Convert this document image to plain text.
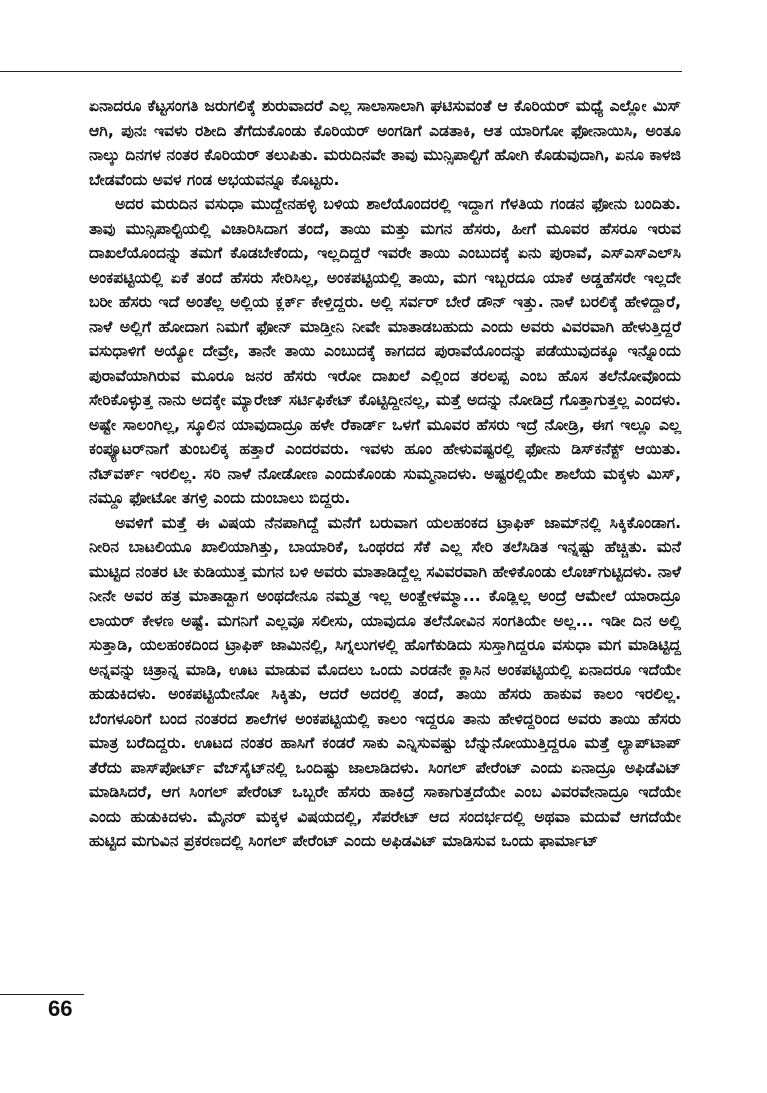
ಏನಾದರೂ ಕೆಟ್ಟಸಂಗತಿ ಜರುಗಲಿಕ್ಕೆ ಶುರುವಾದರೆ ಎಲ್ಲ ಸಾಲಾಸಾಲಾಗಿ ಘಟಿಸುವಂತೆ ಆ ಕೊರಿಯರ್ ಮಧ್ಯೆ ಎಲ್ಲೋ ಮಿಸ್ ಆಗಿ, ಪುನಃ ಇವಳು ರಶೀದಿ ತೆಗೆದುಕೊಂಡು ಕೊರಿಯರ್ ಅಂಗಡಿಗೆ ಎಡತಾಕಿ, ಆತ ಯಾರಿಗೋ ಫೋನಾಯಿಸಿ, ಅಂತೂ ನಾಲ್ಕು ದಿನಗಳ ನಂತರ ಕೊರಿಯರ್ ತಲುಪಿತು. ಮರುದಿನವೇ ತಾವು ಮುನ್ಸಿಪಾಲ್ಟಿಗೆ ಹೋಗಿ ಕೊಡುವುದಾಗಿ, ಏನೂ ಕಾಳಜಿ ಬೇಡವೆಂದು ಅವಳ ಗಂಡ ಅಭಯವನ್ನೂ ಕೊಟ್ಟರು.

ಅದರ ಮರುದಿನ ವಸುಧಾ ಮುದ್ದೇನಹಳ್ಳಿ ಬಳಿಯ ಶಾಲೆಯೊಂದರಲ್ಲಿ ಇದ್ದಾಗ ಗೆಳತಿಯ ಗಂಡನ ಫೋನು ಬಂದಿತು. ತಾವು ಮುನ್ಸಿಪಾಲ್ಟಿಯಲ್ಲಿ ವಿಚಾರಿಸಿದಾಗ ತಂದೆ, ತಾಯಿ ಮತ್ತು ಮಗನ ಹೆಸರು, ಹೀಗೆ ಮೂವರ ಹೆಸರೂ ಇರುವ ದಾಖಲೆಯೊಂದನ್ನು ತಮಗೆ ಕೊಡಬೇಕೆಂದು, ಇಲ್ಲದಿದ್ದರೆ ಇವರೇ ತಾಯಿ ಎಂಬುದಕ್ಕೆ ಏನು ಪುರಾವೆ, ಎಸ್‌ಎಸ್‌ಎಲ್‌ಸಿ ಅಂಕಪಟ್ಟಿಯಲ್ಲಿ ಏಕೆ ತಂದೆ ಹೆಸರು ಸೇರಿಸಿಲ್ಲ, ಅಂಕಪಟ್ಟಿಯಲ್ಲಿ ತಾಯಿ, ಮಗ ಇಬ್ಬರದೂ ಯಾಕೆ ಅಡ್ಡಹೆಸರೇ ಇಲ್ಲದೇ ಬರೀ ಹೆಸರು ಇದೆ ಅಂತೆಲ್ಲ ಅಲ್ಲಿಯ ಕ್ಲರ್ಕ್ ಕೇಳ್ತಿದ್ದರು. ಅಲ್ಲಿ ಸರ್ವರ್ ಬೇರೆ ಡೌನ್ ಇತ್ತು. ನಾಳೆ ಬರಲಿಕ್ಕೆ ಹೇಳಿದ್ದಾರೆ, ನಾಳೆ ಅಲ್ಲಿಗೆ ಹೋದಾಗ ನಿಮಗೆ ಫೋನ್ ಮಾಡ್ತೀನಿ ನೀವೇ ಮಾತಾಡಬಹುದು ಎಂದು ಅವರು ವಿವರವಾಗಿ ಹೇಳುತ್ತಿದ್ದರೆ ವಸುಧಾಳಿಗೆ ಅಯ್ಯೋ ದೇವ್ರೇ, ತಾನೇ ತಾಯಿ ಎಂಬುದಕ್ಕೆ ಕಾಗದದ ಪುರಾವೆಯೊಂದನ್ನು ಪಡೆಯುವುದಕ್ಕೂ ಇನ್ನೊಂದು ಪುರಾವೆಯಾಗಿರುವ ಮೂರೂ ಜನರ ಹೆಸರು ಇರೋ ದಾಖಲೆ ಎಲ್ಲಿಂದ ತರಲಪ್ಪ ಎಂಬ ಹೊಸ ತಲೆನೋವೊಂದು ಸೇರಿಕೊಳ್ಳುತ್ತ ನಾನು ಅದಕ್ಕೇ ಮ್ಯಾರೇಜ್ ಸರ್ಟಿಫಿಕೇಟ್ ಕೊಟ್ಟಿದ್ದೀನಲ್ಲ, ಮತ್ತೆ ಅದನ್ನು ನೋಡಿದ್ರೆ ಗೊತ್ತಾಗುತ್ತಲ್ಲ ಎಂದಳು. ಅಷ್ಟೇ ಸಾಲಂಗಿಲ್ಲ, ಸ್ಕೂಲಿನ ಯಾವುದಾದ್ರೂ ಹಳೇ ರೆಕಾರ್ಡ್ ಒಳಗೆ ಮೂವರ ಹೆಸರು ಇದ್ರೆ ನೋಡ್ರಿ, ಈಗ ಇಲ್ಲೂ ಎಲ್ಲ ಕಂಪ್ಯೂಟರ್‌ನಾಗೆ ತುಂಬಲಿಕ್ಕ ಹತ್ತಾರೆ ಎಂದರವರು. ಇವಳು ಹೂಂ ಹೇಳುವಷ್ಟರಲ್ಲಿ ಫೋನು ಡಿಸ್‌ಕನೆಕ್ಟ್ ಆಯಿತು. ನೆಟ್‌ವರ್ಕ್ ಇರಲಿಲ್ಲ. ಸರಿ ನಾಳೆ ನೋಡೋಣ ಎಂದುಕೊಂಡು ಸುಮ್ಮನಾದಳು. ಅಷ್ಟರಲ್ಲಿಯೇ ಶಾಲೆಯ ಮಕ್ಕಳು ಮಿಸ್, ನಮ್ದೂ ಫೋಟೋ ತಗಳ್ರಿ ಎಂದು ದುಂಬಾಲು ಬಿದ್ದರು.

ಅವಳಿಗೆ ಮತ್ತೆ ಈ ವಿಷಯ ನೆನಪಾಗಿದ್ದೆ ಮನೆಗೆ ಬರುವಾಗ ಯಲಹಂಕದ ಟ್ರಾಫಿಕ್ ಜಾಮ್‌ನಲ್ಲಿ ಸಿಕ್ಕಿಕೊಂಡಾಗ. ನೀರಿನ ಬಾಟಲಿಯೂ ಖಾಲಿಯಾಗಿತ್ತು, ಬಾಯಾರಿಕೆ, ಒಂಥರದ ಸೆಕೆ ಎಲ್ಲ ಸೇರಿ ತಲೆಸಿಡಿತ ಇನ್ನಷ್ಟು ಹೆಚ್ಚಿತು. ಮನೆ ಮುಟ್ಟಿದ ನಂತರ ಟೀ ಕುಡಿಯುತ್ತ ಮಗನ ಬಳಿ ಅವರು ಮಾತಾಡಿದ್ದೆಲ್ಲ ಸವಿವರವಾಗಿ ಹೇಳಿಕೊಂಡು ಲೊಚ್‌ಗುಟ್ಟಿದಳು. ನಾಳೆ ನೀನೇ ಅವರ ಹತ್ರ ಮಾತಾಡ್ಬಾಗ ಅಂಥದೇನೂ ನಮ್ಮತ್ರ ಇಲ್ಲ ಅಂತ್ಹೇಳಮ್ಮಾ... ಕೊಡ್ಲಿಲ್ಲ ಅಂದ್ರೆ ಆಮೇಲೆ ಯಾರಾದ್ರೂ ಲಾಯರ್ ಕೇಳಣ ಅಷ್ಟೆ. ಮಗನಿಗೆ ಎಲ್ಲವೂ ಸಲೀಸು, ಯಾವುದೂ ತಲೆನೋವಿನ ಸಂಗತಿಯೇ ಅಲ್ಲ... ಇಡೀ ದಿನ ಅಲ್ಲಿ ಸುತ್ತಾಡಿ, ಯಲಹಂಕದಿಂದ ಟ್ರಾಫಿಕ್ ಜಾಮಿನಲ್ಲಿ, ಸಿಗ್ನಲುಗಳಲ್ಲಿ ಹೊಗೆಕುಡಿದು ಸುಸ್ತಾಗಿದ್ದರೂ ವಸುಧಾ ಮಗ ಮಾಡಿಟ್ಟಿದ್ದ ಅನ್ನವನ್ನು ಚಿತ್ರಾನ್ನ ಮಾಡಿ, ಊಟ ಮಾಡುವ ಮೊದಲು ಒಂದು ಎರಡನೇ ಕ್ಲಾಸಿನ ಅಂಕಪಟ್ಟಿಯಲ್ಲಿ ಏನಾದರೂ ಇದೆಯೇ ಹುಡುಕಿದಳು. ಅಂಕಪಟ್ಟಿಯೇನೋ ಸಿಕ್ಕಿತು, ಆದರೆ ಅದರಲ್ಲಿ ತಂದೆ, ತಾಯಿ ಹೆಸರು ಹಾಕುವ ಕಾಲಂ ಇರಲಿಲ್ಲ. ಬೆಂಗಳೂರಿಗೆ ಬಂದ ನಂತರದ ಶಾಲೆಗಳ ಅಂಕಪಟ್ಟಿಯಲ್ಲಿ ಕಾಲಂ ಇದ್ದರೂ ತಾನು ಹೇಳಿದ್ದರಿಂದ ಅವರು ತಾಯಿ ಹೆಸರು ಮಾತ್ರ ಬರೆದಿದ್ದರು. ಊಟದ ನಂತರ ಹಾಸಿಗೆ ಕಂಡರೆ ಸಾಕು ಎನ್ನಿಸುವಷ್ಟು ಬೆನ್ನುನೋಯುತ್ತಿದ್ದರೂ ಮತ್ತೆ ಲ್ಯಾಪ್‌ಟಾಪ್ ತೆರೆದು ಪಾಸ್‌ಪೋರ್ಟ್ ವೆಬ್‌ಸೈಟ್‌ನಲ್ಲಿ ಒಂದಿಷ್ಟು ಜಾಲಾಡಿದಳು. ಸಿಂಗಲ್ ಪೇರೆಂಟ್ ಎಂದು ಏನಾದ್ರೂ ಅಫಿಡೆವಿಟ್ ಮಾಡಿಸಿದರೆ, ಆಗ ಸಿಂಗಲ್ ಪೇರೆಂಟ್ ಒಬ್ಬರೇ ಹೆಸರು ಹಾಕಿದ್ರೆ ಸಾಕಾಗುತ್ತದೆಯೇ ಎಂಬ ವಿವರವೇನಾದ್ರೂ ಇದೆಯೇ ಎಂದು ಹುಡುಕಿದಳು. ಮೈನರ್ ಮಕ್ಕಳ ವಿಷಯದಲ್ಲಿ, ಸೆಪರೇಟ್ ಆದ ಸಂದರ್ಭದಲ್ಲಿ ಅಥವಾ ಮದುವೆ ಆಗದೆಯೇ ಹುಟ್ಟಿದ ಮಗುವಿನ ಪ್ರಕರಣದಲ್ಲಿ ಸಿಂಗಲ್ ಪೇರೆಂಟ್ ಎಂದು ಅಫಿಡವಿಟ್ ಮಾಡಿಸುವ ಒಂದು ಫಾರ್ಮಾಟ್

66
